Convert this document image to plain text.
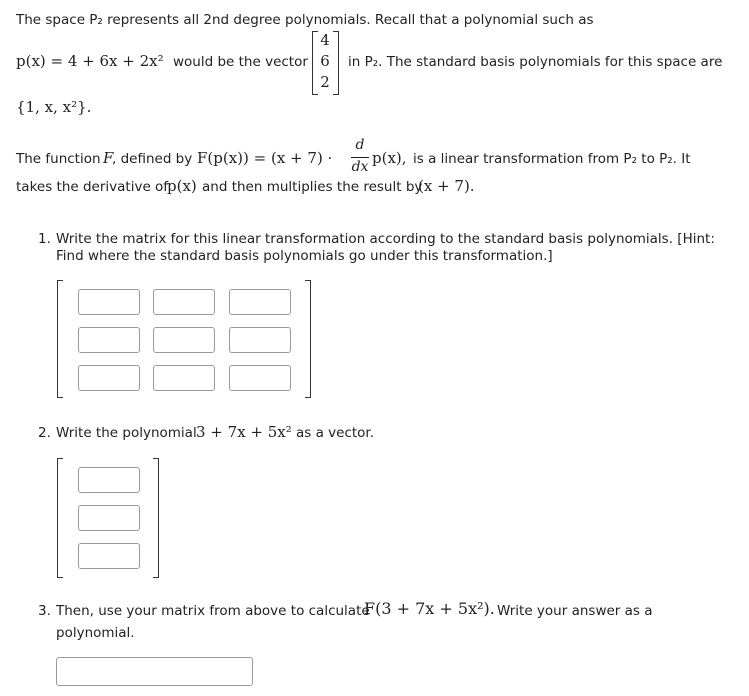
The space P₂ represents all 2nd degree polynomials. Recall that a polynomial such as
p(x) = 4 + 6x + 2x² would be the vector
4
6
2
in P₂. The standard basis polynomials for this space are
{1, x, x²}.
The function F
, defined by F(p(x)) = (x + 7) ·
d
dx p(x), is a linear transformation from P₂ to P₂. It
takes the derivative of
p(x) and then multiplies the result by
(x + 7).
1. Write the matrix for this linear transformation according to the standard basis polynomials. [Hint:
Find where the standard basis polynomials go under this transformation.]
2. Write the polynomial 3 + 7x + 5x² as a vector.
3. Then, use your matrix from above to calculate
F(3 + 7x + 5x²). Write your answer as a
polynomial.
